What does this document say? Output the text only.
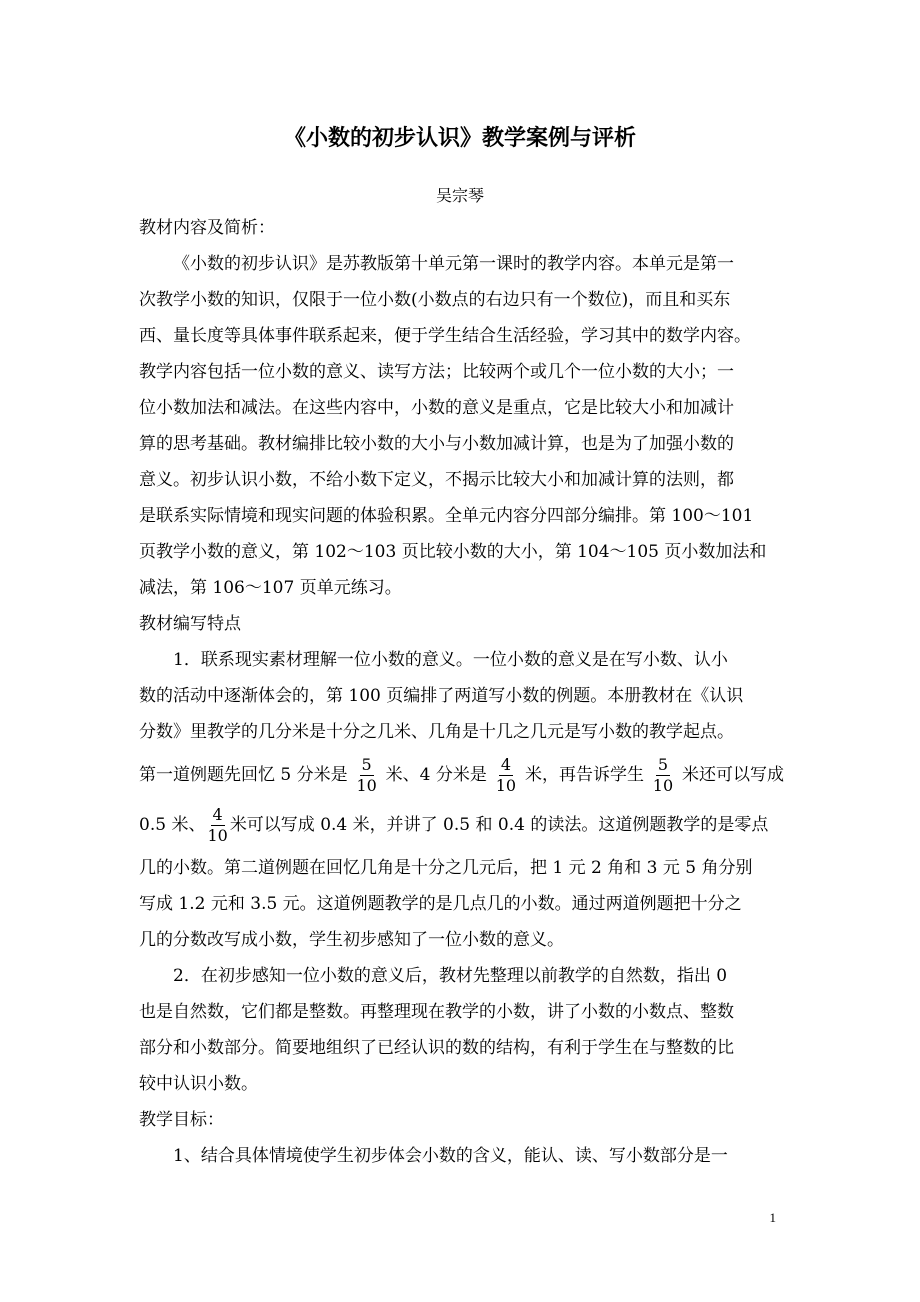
《小数的初步认识》教学案例与评析
吴宗琴
教材内容及简析：
《小数的初步认识》是苏教版第十单元第一课时的教学内容。本单元是第一
次教学小数的知识，仅限于一位小数(小数点的右边只有一个数位)，而且和买东
西、量长度等具体事件联系起来，便于学生结合生活经验，学习其中的数学内容。
教学内容包括一位小数的意义、读写方法；比较两个或几个一位小数的大小；一
位小数加法和减法。在这些内容中，小数的意义是重点，它是比较大小和加减计
算的思考基础。教材编排比较小数的大小与小数加减计算，也是为了加强小数的
意义。初步认识小数，不给小数下定义，不揭示比较大小和加减计算的法则，都
是联系实际情境和现实问题的体验积累。全单元内容分四部分编排。第 100～101
页教学小数的意义，第 102～103 页比较小数的大小，第 104～105 页小数加法和
减法，第 106～107 页单元练习。
教材编写特点
1．联系现实素材理解一位小数的意义。一位小数的意义是在写小数、认小
数的活动中逐渐体会的，第 100 页编排了两道写小数的例题。本册教材在《认识
分数》里教学的几分米是十分之几米、几角是十几之几元是写小数的教学起点。
第一道例题先回忆 5 分米是 $\frac{5}{10}$ 米、4 分米是 $\frac{4}{10}$ 米，再告诉学生 $\frac{5}{10}$ 米还可以写成
0.5 米、 $\frac{4}{10}$ 米可以写成 0.4 米，并讲了 0.5 和 0.4 的读法。这道例题教学的是零点
几的小数。第二道例题在回忆几角是十分之几元后，把 1 元 2 角和 3 元 5 角分别
写成 1.2 元和 3.5 元。这道例题教学的是几点几的小数。通过两道例题把十分之
几的分数改写成小数，学生初步感知了一位小数的意义。
2．在初步感知一位小数的意义后，教材先整理以前教学的自然数，指出 0
也是自然数，它们都是整数。再整理现在教学的小数，讲了小数的小数点、整数
部分和小数部分。简要地组织了已经认识的数的结构，有利于学生在与整数的比
较中认识小数。
教学目标：
1、结合具体情境使学生初步体会小数的含义，能认、读、写小数部分是一
1
